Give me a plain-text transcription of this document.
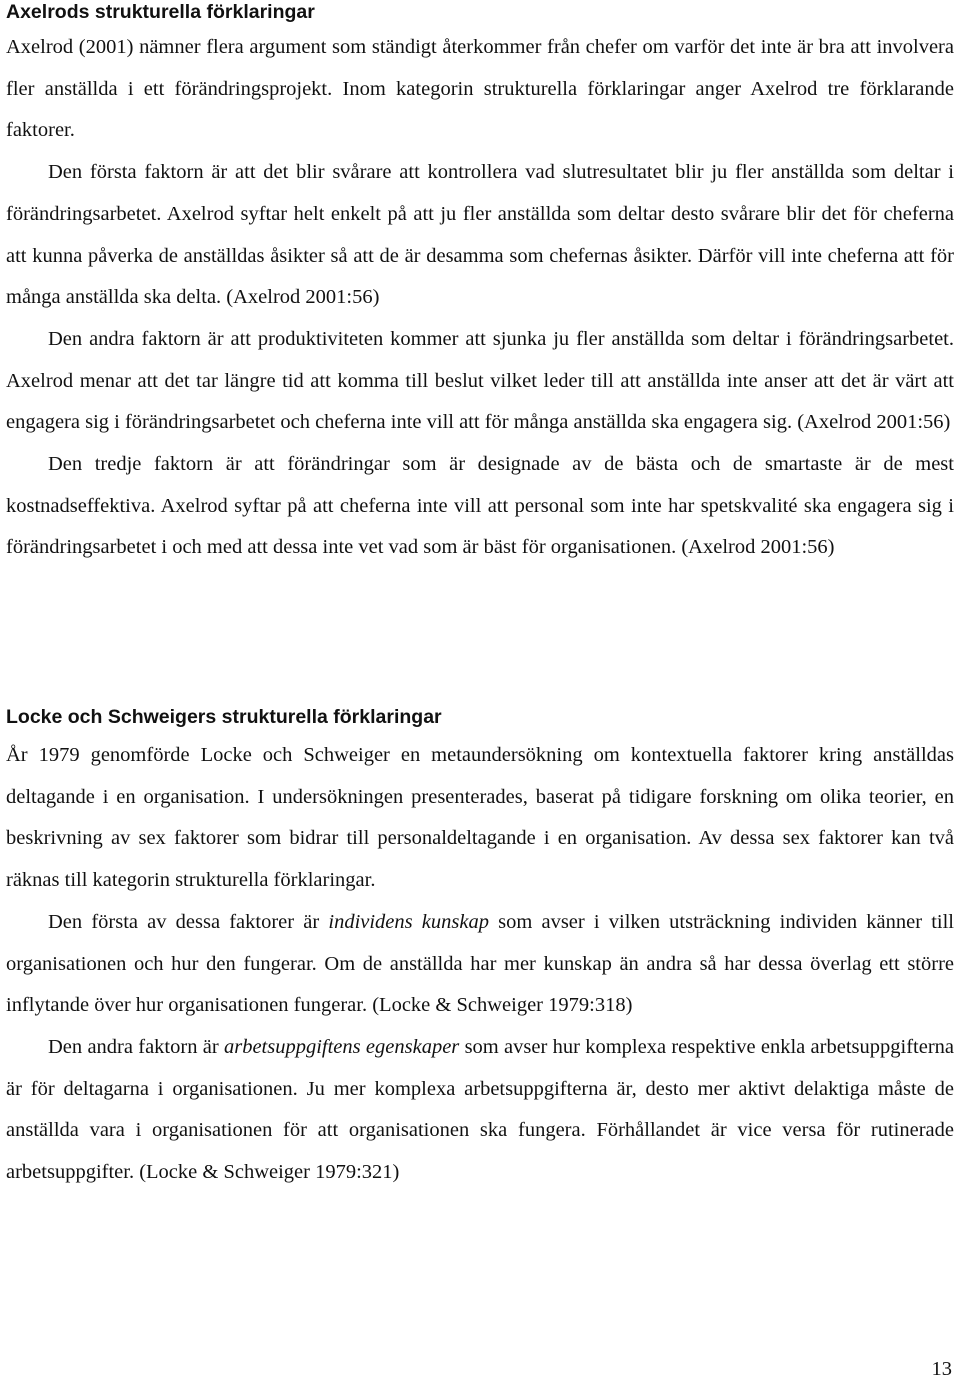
Axelrods strukturella förklaringar

Axelrod (2001) nämner flera argument som ständigt återkommer från chefer om varför det inte är bra att involvera fler anställda i ett förändringsprojekt. Inom kategorin strukturella förklaringar anger Axelrod tre förklarande faktorer.

Den första faktorn är att det blir svårare att kontrollera vad slutresultatet blir ju fler anställda som deltar i förändringsarbetet. Axelrod syftar helt enkelt på att ju fler anställda som deltar desto svårare blir det för cheferna att kunna påverka de anställdas åsikter så att de är desamma som chefernas åsikter. Därför vill inte cheferna att för många anställda ska delta. (Axelrod 2001:56)

Den andra faktorn är att produktiviteten kommer att sjunka ju fler anställda som deltar i förändringsarbetet. Axelrod menar att det tar längre tid att komma till beslut vilket leder till att anställda inte anser att det är värt att engagera sig i förändringsarbetet och cheferna inte vill att för många anställda ska engagera sig. (Axelrod 2001:56)

Den tredje faktorn är att förändringar som är designade av de bästa och de smartaste är de mest kostnadseffektiva. Axelrod syftar på att cheferna inte vill att personal som inte har spetskvalité ska engagera sig i förändringsarbetet i och med att dessa inte vet vad som är bäst för organisationen. (Axelrod 2001:56)

Locke och Schweigers strukturella förklaringar

År 1979 genomförde Locke och Schweiger en metaundersökning om kontextuella faktorer kring anställdas deltagande i en organisation. I undersökningen presenterades, baserat på tidigare forskning om olika teorier, en beskrivning av sex faktorer som bidrar till personaldeltagande i en organisation. Av dessa sex faktorer kan två räknas till kategorin strukturella förklaringar.

Den första av dessa faktorer är individens kunskap som avser i vilken utsträckning individen känner till organisationen och hur den fungerar. Om de anställda har mer kunskap än andra så har dessa överlag ett större inflytande över hur organisationen fungerar. (Locke & Schweiger 1979:318)

Den andra faktorn är arbetsuppgiftens egenskaper som avser hur komplexa respektive enkla arbetsuppgifterna är för deltagarna i organisationen. Ju mer komplexa arbetsuppgifterna är, desto mer aktivt delaktiga måste de anställda vara i organisationen för att organisationen ska fungera. Förhållandet är vice versa för rutinerade arbetsuppgifter. (Locke & Schweiger 1979:321)

13
